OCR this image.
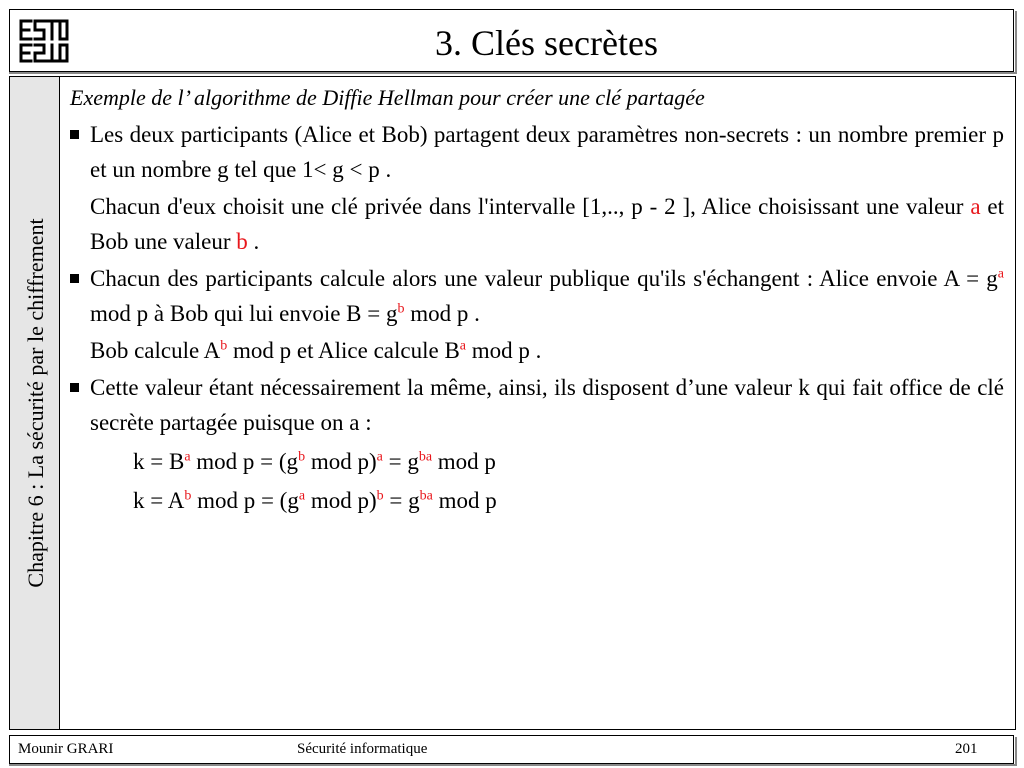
3. Clés secrètes
Chapitre 6 : La sécurité par le chiffrement

Exemple de l’ algorithme de Diffie Hellman pour créer une clé partagée

Les deux participants (Alice et Bob) partagent deux paramètres non-secrets : un nombre premier p et un nombre g tel que 1< g < p .

Chacun d'eux choisit une clé privée dans l'intervalle [1,.., p - 2 ], Alice choisissant une valeur a et Bob une valeur b .

Chacun des participants calcule alors une valeur publique qu'ils s'échangent : Alice envoie $A = g^a$ mod p à Bob qui lui envoie $B = g^b$ mod p .

Bob calcule $A^b$ mod p et Alice calcule $B^a$ mod p .

Cette valeur étant nécessairement la même, ainsi, ils disposent d’une valeur k qui fait office de clé secrète partagée puisque on a :

$k = B^a$ mod $p = (g^b$ mod $p)^a = g^{ba}$ mod p

$k = A^b$ mod $p = (g^a$ mod $p)^b = g^{ba}$ mod p

Mounir GRARI	Sécurité informatique	201
